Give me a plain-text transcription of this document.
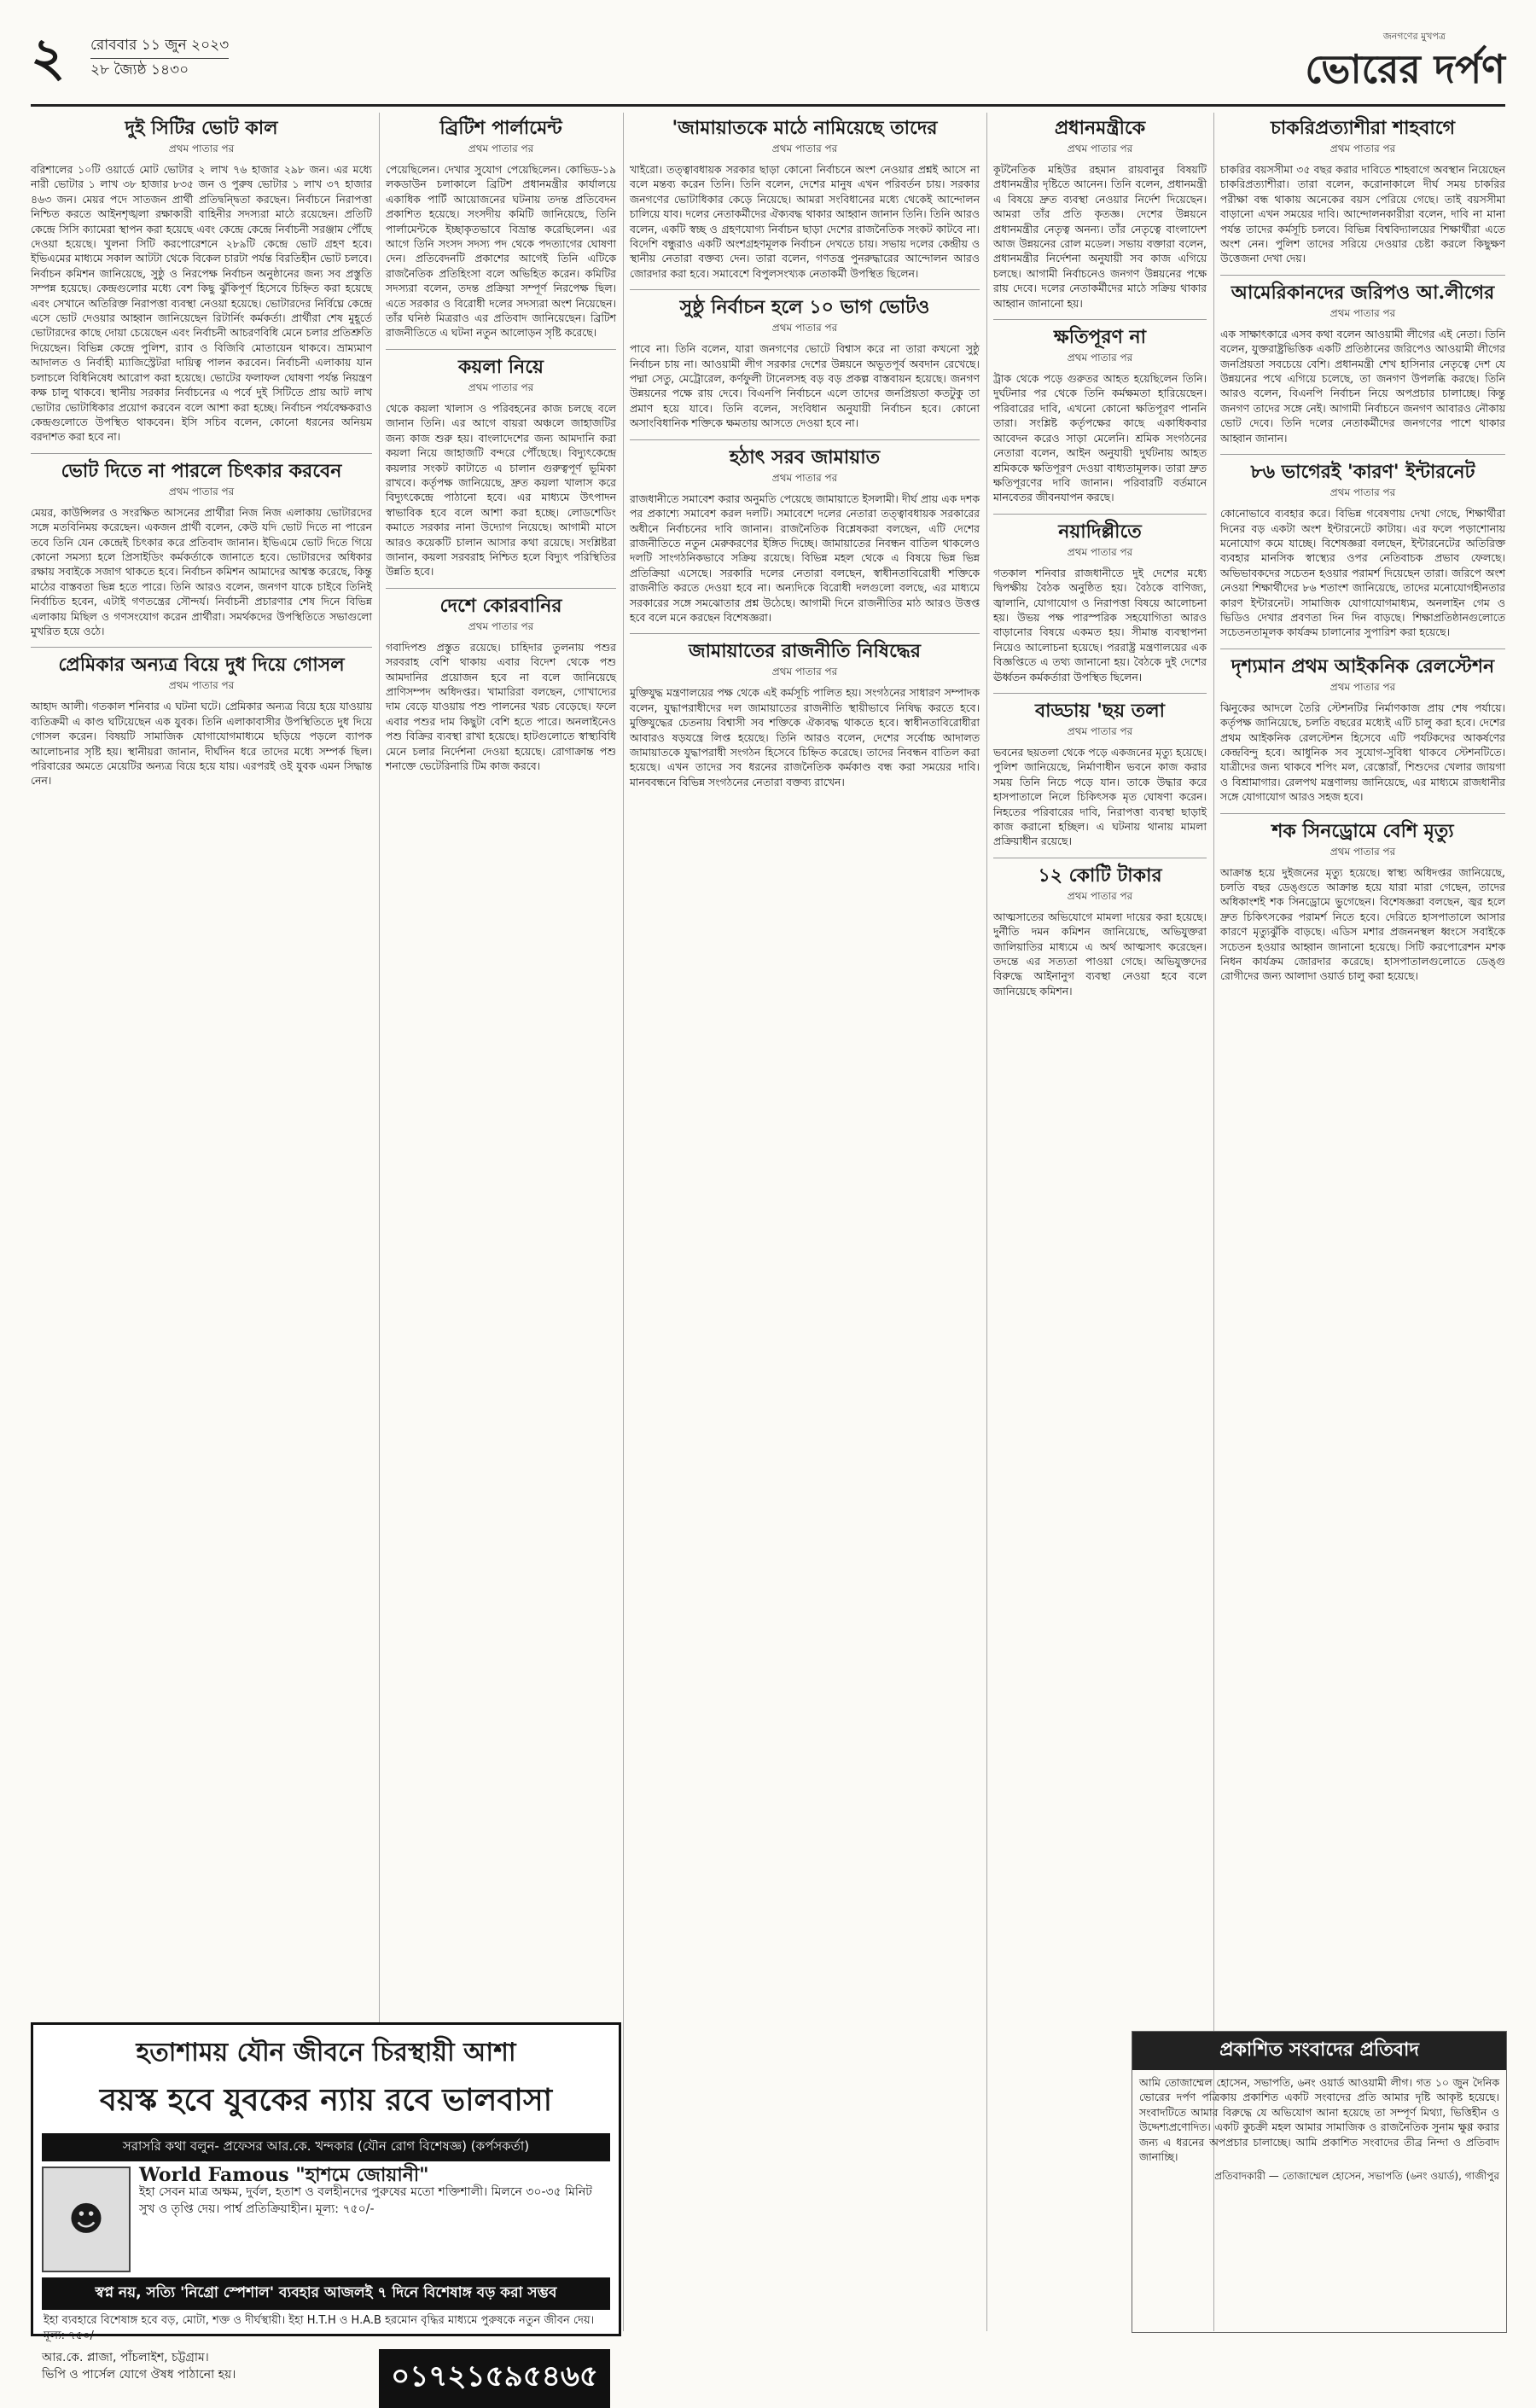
২ রোববার ১১ জুন ২০২৩
২৮ জ্যৈষ্ঠ ১৪৩০
জনগণের মুখপত্র
ভোরের দর্পণ
দুই সিটির ভোট কাল
প্রথম পাতার পর

বরিশালের ১০টি ওয়ার্ডে মোট ভোটার ২ লাখ ৭৬ হাজার ২৯৮ জন। এর মধ্যে নারী ভোটার ১ লাখ ৩৮ হাজার ৮৩৫ জন ও পুরুষ ভোটার ১ লাখ ৩৭ হাজার ৪৬৩ জন। মেয়র পদে সাতজন প্রার্থী প্রতিদ্বন্দ্বিতা করছেন। নির্বাচনে নিরাপত্তা নিশ্চিত করতে আইনশৃঙ্খলা রক্ষাকারী বাহিনীর সদস্যরা মাঠে রয়েছেন। প্রতিটি কেন্দ্রে সিসি ক্যামেরা স্থাপন করা হয়েছে এবং কেন্দ্রে কেন্দ্রে নির্বাচনী সরঞ্জাম পৌঁছে দেওয়া হয়েছে। খুলনা সিটি করপোরেশনে ২৮৯টি কেন্দ্রে ভোট গ্রহণ হবে। ইভিএমের মাধ্যমে সকাল আটটা থেকে বিকেল চারটা পর্যন্ত বিরতিহীন ভোট চলবে। নির্বাচন কমিশন জানিয়েছে, সুষ্ঠু ও নিরপেক্ষ নির্বাচন অনুষ্ঠানের জন্য সব প্রস্তুতি সম্পন্ন হয়েছে। কেন্দ্রগুলোর মধ্যে বেশ কিছু ঝুঁকিপূর্ণ হিসেবে চিহ্নিত করা হয়েছে এবং সেখানে অতিরিক্ত নিরাপত্তা ব্যবস্থা নেওয়া হয়েছে। ভোটারদের নির্বিঘ্নে কেন্দ্রে এসে ভোট দেওয়ার আহ্বান জানিয়েছেন রিটার্নিং কর্মকর্তা। প্রার্থীরা শেষ মুহূর্তে ভোটারদের কাছে দোয়া চেয়েছেন এবং নির্বাচনী আচরণবিধি মেনে চলার প্রতিশ্রুতি দিয়েছেন। বিভিন্ন কেন্দ্রে পুলিশ, র‍্যাব ও বিজিবি মোতায়েন থাকবে। ভ্রাম্যমাণ আদালত ও নির্বাহী ম্যাজিস্ট্রেটরা দায়িত্ব পালন করবেন। নির্বাচনী এলাকায় যান চলাচলে বিধিনিষেধ আরোপ করা হয়েছে। ভোটের ফলাফল ঘোষণা পর্যন্ত নিয়ন্ত্রণ কক্ষ চালু থাকবে। স্থানীয় সরকার নির্বাচনের এ পর্বে দুই সিটিতে প্রায় আট লাখ ভোটার ভোটাধিকার প্রয়োগ করবেন বলে আশা করা হচ্ছে। নির্বাচন পর্যবেক্ষকরাও কেন্দ্রগুলোতে উপস্থিত থাকবেন। ইসি সচিব বলেন, কোনো ধরনের অনিয়ম বরদাশত করা হবে না।

ভোট দিতে না পারলে চিৎকার করবেন
প্রথম পাতার পর

মেয়র, কাউন্সিলর ও সংরক্ষিত আসনের প্রার্থীরা নিজ নিজ এলাকায় ভোটারদের সঙ্গে মতবিনিময় করেছেন। একজন প্রার্থী বলেন, কেউ যদি ভোট দিতে না পারেন তবে তিনি যেন কেন্দ্রেই চিৎকার করে প্রতিবাদ জানান। ইভিএমে ভোট দিতে গিয়ে কোনো সমস্যা হলে প্রিসাইডিং কর্মকর্তাকে জানাতে হবে। ভোটারদের অধিকার রক্ষায় সবাইকে সজাগ থাকতে হবে। নির্বাচন কমিশন আমাদের আশ্বস্ত করেছে, কিন্তু মাঠের বাস্তবতা ভিন্ন হতে পারে। তিনি আরও বলেন, জনগণ যাকে চাইবে তিনিই নির্বাচিত হবেন, এটাই গণতন্ত্রের সৌন্দর্য। নির্বাচনী প্রচারণার শেষ দিনে বিভিন্ন এলাকায় মিছিল ও গণসংযোগ করেন প্রার্থীরা। সমর্থকদের উপস্থিতিতে সভাগুলো মুখরিত হয়ে ওঠে।

প্রেমিকার অন্যত্র বিয়ে দুধ দিয়ে গোসল
প্রথম পাতার পর

আহাদ আলী। গতকাল শনিবার এ ঘটনা ঘটে। প্রেমিকার অন্যত্র বিয়ে হয়ে যাওয়ায় ব্যতিক্রমী এ কাণ্ড ঘটিয়েছেন এক যুবক। তিনি এলাকাবাসীর উপস্থিতিতে দুধ দিয়ে গোসল করেন। বিষয়টি সামাজিক যোগাযোগমাধ্যমে ছড়িয়ে পড়লে ব্যাপক আলোচনার সৃষ্টি হয়। স্থানীয়রা জানান, দীর্ঘদিন ধরে তাদের মধ্যে সম্পর্ক ছিল। পরিবারের অমতে মেয়েটির অন্যত্র বিয়ে হয়ে যায়। এরপরই ওই যুবক এমন সিদ্ধান্ত নেন।

ব্রিটিশ পার্লামেন্ট
প্রথম পাতার পর

পেয়েছিলেন। দেখার সুযোগ পেয়েছিলেন। কোভিড-১৯ লকডাউন চলাকালে ব্রিটিশ প্রধানমন্ত্রীর কার্যালয়ে একাধিক পার্টি আয়োজনের ঘটনায় তদন্ত প্রতিবেদন প্রকাশিত হয়েছে। সংসদীয় কমিটি জানিয়েছে, তিনি পার্লামেন্টকে ইচ্ছাকৃতভাবে বিভ্রান্ত করেছিলেন। এর আগে তিনি সংসদ সদস্য পদ থেকে পদত্যাগের ঘোষণা দেন। প্রতিবেদনটি প্রকাশের আগেই তিনি এটিকে রাজনৈতিক প্রতিহিংসা বলে অভিহিত করেন। কমিটির সদস্যরা বলেন, তদন্ত প্রক্রিয়া সম্পূর্ণ নিরপেক্ষ ছিল। এতে সরকার ও বিরোধী দলের সদস্যরা অংশ নিয়েছেন। তাঁর ঘনিষ্ঠ মিত্ররাও এর প্রতিবাদ জানিয়েছেন। ব্রিটিশ রাজনীতিতে এ ঘটনা নতুন আলোড়ন সৃষ্টি করেছে।

কয়লা নিয়ে
প্রথম পাতার পর

থেকে কয়লা খালাস ও পরিবহনের কাজ চলছে বলে জানান তিনি। এর আগে বায়রা অঞ্চলে জাহাজটির জন্য কাজ শুরু হয়। বাংলাদেশের জন্য আমদানি করা কয়লা নিয়ে জাহাজটি বন্দরে পৌঁছেছে। বিদ্যুৎকেন্দ্রে কয়লার সংকট কাটাতে এ চালান গুরুত্বপূর্ণ ভূমিকা রাখবে। কর্তৃপক্ষ জানিয়েছে, দ্রুত কয়লা খালাস করে বিদ্যুৎকেন্দ্রে পাঠানো হবে। এর মাধ্যমে উৎপাদন স্বাভাবিক হবে বলে আশা করা হচ্ছে। লোডশেডিং কমাতে সরকার নানা উদ্যোগ নিয়েছে। আগামী মাসে আরও কয়েকটি চালান আসার কথা রয়েছে। সংশ্লিষ্টরা জানান, কয়লা সরবরাহ নিশ্চিত হলে বিদ্যুৎ পরিস্থিতির উন্নতি হবে।

দেশে কোরবানির
প্রথম পাতার পর

গবাদিপশু প্রস্তুত রয়েছে। চাহিদার তুলনায় পশুর সরবরাহ বেশি থাকায় এবার বিদেশ থেকে পশু আমদানির প্রয়োজন হবে না বলে জানিয়েছে প্রাণিসম্পদ অধিদপ্তর। খামারিরা বলছেন, গোখাদ্যের দাম বেড়ে যাওয়ায় পশু পালনের খরচ বেড়েছে। ফলে এবার পশুর দাম কিছুটা বেশি হতে পারে। অনলাইনেও পশু বিক্রির ব্যবস্থা রাখা হয়েছে। হাটগুলোতে স্বাস্থ্যবিধি মেনে চলার নির্দেশনা দেওয়া হয়েছে। রোগাক্রান্ত পশু শনাক্তে ভেটেরিনারি টিম কাজ করবে।

'জামায়াতকে মাঠে নামিয়েছে তাদের
প্রথম পাতার পর

খাইরো। তত্ত্বাবধায়ক সরকার ছাড়া কোনো নির্বাচনে অংশ নেওয়ার প্রশ্নই আসে না বলে মন্তব্য করেন তিনি। তিনি বলেন, দেশের মানুষ এখন পরিবর্তন চায়। সরকার জনগণের ভোটাধিকার কেড়ে নিয়েছে। আমরা সংবিধানের মধ্যে থেকেই আন্দোলন চালিয়ে যাব। দলের নেতাকর্মীদের ঐক্যবদ্ধ থাকার আহ্বান জানান তিনি। তিনি আরও বলেন, একটি স্বচ্ছ ও গ্রহণযোগ্য নির্বাচন ছাড়া দেশের রাজনৈতিক সংকট কাটবে না। বিদেশি বন্ধুরাও একটি অংশগ্রহণমূলক নির্বাচন দেখতে চায়। সভায় দলের কেন্দ্রীয় ও স্থানীয় নেতারা বক্তব্য দেন। তারা বলেন, গণতন্ত্র পুনরুদ্ধারের আন্দোলন আরও জোরদার করা হবে। সমাবেশে বিপুলসংখ্যক নেতাকর্মী উপস্থিত ছিলেন।

সুষ্ঠু নির্বাচন হলে ১০ ভাগ ভোটও
প্রথম পাতার পর

পাবে না। তিনি বলেন, যারা জনগণের ভোটে বিশ্বাস করে না তারা কখনো সুষ্ঠু নির্বাচন চায় না। আওয়ামী লীগ সরকার দেশের উন্নয়নে অভূতপূর্ব অবদান রেখেছে। পদ্মা সেতু, মেট্রোরেল, কর্ণফুলী টানেলসহ বড় বড় প্রকল্প বাস্তবায়ন হয়েছে। জনগণ উন্নয়নের পক্ষে রায় দেবে। বিএনপি নির্বাচনে এলে তাদের জনপ্রিয়তা কতটুকু তা প্রমাণ হয়ে যাবে। তিনি বলেন, সংবিধান অনুযায়ী নির্বাচন হবে। কোনো অসাংবিধানিক শক্তিকে ক্ষমতায় আসতে দেওয়া হবে না।

হঠাৎ সরব জামায়াত
প্রথম পাতার পর

রাজধানীতে সমাবেশ করার অনুমতি পেয়েছে জামায়াতে ইসলামী। দীর্ঘ প্রায় এক দশক পর প্রকাশ্যে সমাবেশ করল দলটি। সমাবেশে দলের নেতারা তত্ত্বাবধায়ক সরকারের অধীনে নির্বাচনের দাবি জানান। রাজনৈতিক বিশ্লেষকরা বলছেন, এটি দেশের রাজনীতিতে নতুন মেরুকরণের ইঙ্গিত দিচ্ছে। জামায়াতের নিবন্ধন বাতিল থাকলেও দলটি সাংগঠনিকভাবে সক্রিয় রয়েছে। বিভিন্ন মহল থেকে এ বিষয়ে ভিন্ন ভিন্ন প্রতিক্রিয়া এসেছে। সরকারি দলের নেতারা বলছেন, স্বাধীনতাবিরোধী শক্তিকে রাজনীতি করতে দেওয়া হবে না। অন্যদিকে বিরোধী দলগুলো বলছে, এর মাধ্যমে সরকারের সঙ্গে সমঝোতার প্রশ্ন উঠেছে। আগামী দিনে রাজনীতির মাঠ আরও উত্তপ্ত হবে বলে মনে করছেন বিশেষজ্ঞরা।

জামায়াতের রাজনীতি নিষিদ্ধের
প্রথম পাতার পর

মুক্তিযুদ্ধ মন্ত্রণালয়ের পক্ষ থেকে এই কর্মসূচি পালিত হয়। সংগঠনের সাধারণ সম্পাদক বলেন, যুদ্ধাপরাধীদের দল জামায়াতের রাজনীতি স্থায়ীভাবে নিষিদ্ধ করতে হবে। মুক্তিযুদ্ধের চেতনায় বিশ্বাসী সব শক্তিকে ঐক্যবদ্ধ থাকতে হবে। স্বাধীনতাবিরোধীরা আবারও ষড়যন্ত্রে লিপ্ত হয়েছে। তিনি আরও বলেন, দেশের সর্বোচ্চ আদালত জামায়াতকে যুদ্ধাপরাধী সংগঠন হিসেবে চিহ্নিত করেছে। তাদের নিবন্ধন বাতিল করা হয়েছে। এখন তাদের সব ধরনের রাজনৈতিক কর্মকাণ্ড বন্ধ করা সময়ের দাবি। মানববন্ধনে বিভিন্ন সংগঠনের নেতারা বক্তব্য রাখেন।

প্রধানমন্ত্রীকে
প্রথম পাতার পর

কূটনৈতিক মহিউর রহমান রায়বানুর বিষয়টি প্রধানমন্ত্রীর দৃষ্টিতে আনেন। তিনি বলেন, প্রধানমন্ত্রী এ বিষয়ে দ্রুত ব্যবস্থা নেওয়ার নির্দেশ দিয়েছেন। আমরা তাঁর প্রতি কৃতজ্ঞ। দেশের উন্নয়নে প্রধানমন্ত্রীর নেতৃত্ব অনন্য। তাঁর নেতৃত্বে বাংলাদেশ আজ উন্নয়নের রোল মডেল। সভায় বক্তারা বলেন, প্রধানমন্ত্রীর নির্দেশনা অনুযায়ী সব কাজ এগিয়ে চলছে। আগামী নির্বাচনেও জনগণ উন্নয়নের পক্ষে রায় দেবে। দলের নেতাকর্মীদের মাঠে সক্রিয় থাকার আহ্বান জানানো হয়।

ক্ষতিপূরণ না
প্রথম পাতার পর

ট্রাক থেকে পড়ে গুরুতর আহত হয়েছিলেন তিনি। দুর্ঘটনার পর থেকে তিনি কর্মক্ষমতা হারিয়েছেন। পরিবারের দাবি, এখনো কোনো ক্ষতিপূরণ পাননি তারা। সংশ্লিষ্ট কর্তৃপক্ষের কাছে একাধিকবার আবেদন করেও সাড়া মেলেনি। শ্রমিক সংগঠনের নেতারা বলেন, আইন অনুযায়ী দুর্ঘটনায় আহত শ্রমিককে ক্ষতিপূরণ দেওয়া বাধ্যতামূলক। তারা দ্রুত ক্ষতিপূরণের দাবি জানান। পরিবারটি বর্তমানে মানবেতর জীবনযাপন করছে।

নয়াদিল্লীতে
প্রথম পাতার পর

গতকাল শনিবার রাজধানীতে দুই দেশের মধ্যে দ্বিপক্ষীয় বৈঠক অনুষ্ঠিত হয়। বৈঠকে বাণিজ্য, জ্বালানি, যোগাযোগ ও নিরাপত্তা বিষয়ে আলোচনা হয়। উভয় পক্ষ পারস্পরিক সহযোগিতা আরও বাড়ানোর বিষয়ে একমত হয়। সীমান্ত ব্যবস্থাপনা নিয়েও আলোচনা হয়েছে। পররাষ্ট্র মন্ত্রণালয়ের এক বিজ্ঞপ্তিতে এ তথ্য জানানো হয়। বৈঠকে দুই দেশের ঊর্ধ্বতন কর্মকর্তারা উপস্থিত ছিলেন।

বাড্ডায় 'ছয় তলা
প্রথম পাতার পর

ভবনের ছয়তলা থেকে পড়ে একজনের মৃত্যু হয়েছে। পুলিশ জানিয়েছে, নির্মাণাধীন ভবনে কাজ করার সময় তিনি নিচে পড়ে যান। তাকে উদ্ধার করে হাসপাতালে নিলে চিকিৎসক মৃত ঘোষণা করেন। নিহতের পরিবারের দাবি, নিরাপত্তা ব্যবস্থা ছাড়াই কাজ করানো হচ্ছিল। এ ঘটনায় থানায় মামলা প্রক্রিয়াধীন রয়েছে।

১২ কোটি টাকার
প্রথম পাতার পর

আত্মসাতের অভিযোগে মামলা দায়ের করা হয়েছে। দুর্নীতি দমন কমিশন জানিয়েছে, অভিযুক্তরা জালিয়াতির মাধ্যমে এ অর্থ আত্মসাৎ করেছেন। তদন্তে এর সত্যতা পাওয়া গেছে। অভিযুক্তদের বিরুদ্ধে আইনানুগ ব্যবস্থা নেওয়া হবে বলে জানিয়েছে কমিশন।

চাকরিপ্রত্যাশীরা শাহবাগে
প্রথম পাতার পর

চাকরির বয়সসীমা ৩৫ বছর করার দাবিতে শাহবাগে অবস্থান নিয়েছেন চাকরিপ্রত্যাশীরা। তারা বলেন, করোনাকালে দীর্ঘ সময় চাকরির পরীক্ষা বন্ধ থাকায় অনেকের বয়স পেরিয়ে গেছে। তাই বয়সসীমা বাড়ানো এখন সময়ের দাবি। আন্দোলনকারীরা বলেন, দাবি না মানা পর্যন্ত তাদের কর্মসূচি চলবে। বিভিন্ন বিশ্ববিদ্যালয়ের শিক্ষার্থীরা এতে অংশ নেন। পুলিশ তাদের সরিয়ে দেওয়ার চেষ্টা করলে কিছুক্ষণ উত্তেজনা দেখা দেয়।

আমেরিকানদের জরিপও আ.লীগের
প্রথম পাতার পর

এক সাক্ষাৎকারে এসব কথা বলেন আওয়ামী লীগের এই নেতা। তিনি বলেন, যুক্তরাষ্ট্রভিত্তিক একটি প্রতিষ্ঠানের জরিপেও আওয়ামী লীগের জনপ্রিয়তা সবচেয়ে বেশি। প্রধানমন্ত্রী শেখ হাসিনার নেতৃত্বে দেশ যে উন্নয়নের পথে এগিয়ে চলেছে, তা জনগণ উপলব্ধি করছে। তিনি আরও বলেন, বিএনপি নির্বাচন নিয়ে অপপ্রচার চালাচ্ছে। কিন্তু জনগণ তাদের সঙ্গে নেই। আগামী নির্বাচনে জনগণ আবারও নৌকায় ভোট দেবে। তিনি দলের নেতাকর্মীদের জনগণের পাশে থাকার আহ্বান জানান।

৮৬ ভাগেরই 'কারণ' ইন্টারনেট
প্রথম পাতার পর

কোনোভাবে ব্যবহার করে। বিভিন্ন গবেষণায় দেখা গেছে, শিক্ষার্থীরা দিনের বড় একটা অংশ ইন্টারনেটে কাটায়। এর ফলে পড়াশোনায় মনোযোগ কমে যাচ্ছে। বিশেষজ্ঞরা বলছেন, ইন্টারনেটের অতিরিক্ত ব্যবহার মানসিক স্বাস্থ্যের ওপর নেতিবাচক প্রভাব ফেলছে। অভিভাবকদের সচেতন হওয়ার পরামর্শ দিয়েছেন তারা। জরিপে অংশ নেওয়া শিক্ষার্থীদের ৮৬ শতাংশ জানিয়েছে, তাদের মনোযোগহীনতার কারণ ইন্টারনেট। সামাজিক যোগাযোগমাধ্যম, অনলাইন গেম ও ভিডিও দেখার প্রবণতা দিন দিন বাড়ছে। শিক্ষাপ্রতিষ্ঠানগুলোতে সচেতনতামূলক কার্যক্রম চালানোর সুপারিশ করা হয়েছে।

দৃশ্যমান প্রথম আইকনিক রেলস্টেশন
প্রথম পাতার পর

ঝিনুকের আদলে তৈরি স্টেশনটির নির্মাণকাজ প্রায় শেষ পর্যায়ে। কর্তৃপক্ষ জানিয়েছে, চলতি বছরের মধ্যেই এটি চালু করা হবে। দেশের প্রথম আইকনিক রেলস্টেশন হিসেবে এটি পর্যটকদের আকর্ষণের কেন্দ্রবিন্দু হবে। আধুনিক সব সুযোগ-সুবিধা থাকবে স্টেশনটিতে। যাত্রীদের জন্য থাকবে শপিং মল, রেস্তোরাঁ, শিশুদের খেলার জায়গা ও বিশ্রামাগার। রেলপথ মন্ত্রণালয় জানিয়েছে, এর মাধ্যমে রাজধানীর সঙ্গে যোগাযোগ আরও সহজ হবে।

শক সিনড্রোমে বেশি মৃত্যু
প্রথম পাতার পর

আক্রান্ত হয়ে দুইজনের মৃত্যু হয়েছে। স্বাস্থ্য অধিদপ্তর জানিয়েছে, চলতি বছর ডেঙ্গুতে আক্রান্ত হয়ে যারা মারা গেছেন, তাদের অধিকাংশই শক সিনড্রোমে ভুগেছেন। বিশেষজ্ঞরা বলছেন, জ্বর হলে দ্রুত চিকিৎসকের পরামর্শ নিতে হবে। দেরিতে হাসপাতালে আসার কারণে মৃত্যুঝুঁকি বাড়ছে। এডিস মশার প্রজননস্থল ধ্বংসে সবাইকে সচেতন হওয়ার আহ্বান জানানো হয়েছে। সিটি করপোরেশন মশক নিধন কার্যক্রম জোরদার করেছে। হাসপাতালগুলোতে ডেঙ্গু রোগীদের জন্য আলাদা ওয়ার্ড চালু করা হয়েছে।

হতাশাময় যৌন জীবনে চিরস্থায়ী আশা
বয়স্ক হবে যুবকের ন্যায় রবে ভালবাসা
সরাসরি কথা বলুন- প্রফেসর আর.কে. খন্দকার (যৌন রোগ বিশেষজ্ঞ) (কর্পসকর্তা)
☻
World Famous "হাশমে জোয়ানী"
ইহা সেবন মাত্র অক্ষম, দুর্বল, হতাশ ও বলহীনদের পুরুষের মতো শক্তিশালী। মিলনে ৩০-৩৫ মিনিট সুখ ও তৃপ্তি দেয়। পার্শ্ব প্রতিক্রিয়াহীন। মূল্য: ৭৫০/-
স্বপ্ন নয়, সত্যি 'নিগ্রো স্পেশাল' ব্যবহার আজলই ৭ দিনে বিশেষাঙ্গ বড় করা সম্ভব
ইহা ব্যবহারে বিশেষাঙ্গ হবে বড়, মোটা, শক্ত ও দীর্ঘস্থায়ী। ইহা H.T.H ও H.A.B হরমোন বৃদ্ধির মাধ্যমে পুরুষকে নতুন জীবন দেয়। মূল্য: ৭৫০/-
আর.কে. প্লাজা, পাঁচলাইশ, চট্টগ্রাম।
ভিপি ও পার্সেল যোগে ঔষধ পাঠানো হয়।	০১৭২১৫৯৫৪৬৫
প্রকাশিত সংবাদের প্রতিবাদ

আমি তোজাম্মেল হোসেন, সভাপতি, ৬নং ওয়ার্ড আওয়ামী লীগ। গত ১০ জুন দৈনিক ভোরের দর্পণ পত্রিকায় প্রকাশিত একটি সংবাদের প্রতি আমার দৃষ্টি আকৃষ্ট হয়েছে। সংবাদটিতে আমার বিরুদ্ধে যে অভিযোগ আনা হয়েছে তা সম্পূর্ণ মিথ্যা, ভিত্তিহীন ও উদ্দেশ্যপ্রণোদিত। একটি কুচক্রী মহল আমার সামাজিক ও রাজনৈতিক সুনাম ক্ষুণ্ণ করার জন্য এ ধরনের অপপ্রচার চালাচ্ছে। আমি প্রকাশিত সংবাদের তীব্র নিন্দা ও প্রতিবাদ জানাচ্ছি।

প্রতিবাদকারী — তোজাম্মেল হোসেন, সভাপতি (৬নং ওয়ার্ড), গাজীপুর
